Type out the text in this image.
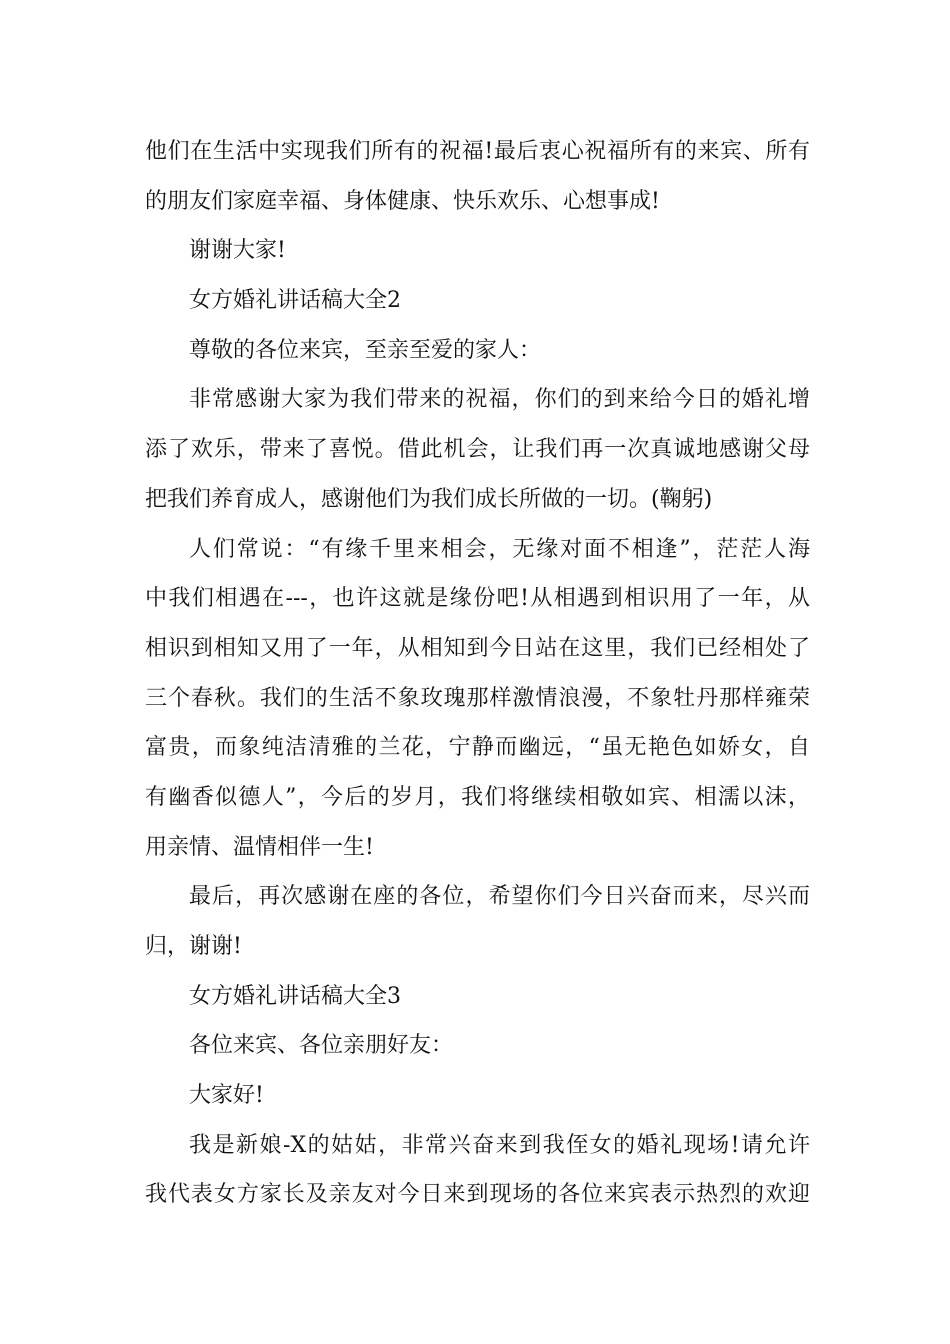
他们在生活中实现我们所有的祝福!最后衷心祝福所有的来宾、所有
的朋友们家庭幸福、身体健康、快乐欢乐、心想事成!
谢谢大家!
女方婚礼讲话稿大全2
尊敬的各位来宾，至亲至爱的家人：
非常感谢大家为我们带来的祝福，你们的到来给今日的婚礼增
添了欢乐，带来了喜悦。借此机会，让我们再一次真诚地感谢父母
把我们养育成人，感谢他们为我们成长所做的一切。(鞠躬)
人们常说：“有缘千里来相会，无缘对面不相逢”，茫茫人海
中我们相遇在---，也许这就是缘份吧!从相遇到相识用了一年，从
相识到相知又用了一年，从相知到今日站在这里，我们已经相处了
三个春秋。我们的生活不象玫瑰那样激情浪漫，不象牡丹那样雍荣
富贵，而象纯洁清雅的兰花，宁静而幽远，“虽无艳色如娇女，自
有幽香似德人”，今后的岁月，我们将继续相敬如宾、相濡以沫，
用亲情、温情相伴一生!
最后，再次感谢在座的各位，希望你们今日兴奋而来，尽兴而
归，谢谢!
女方婚礼讲话稿大全3
各位来宾、各位亲朋好友：
大家好!
我是新娘-X的姑姑，非常兴奋来到我侄女的婚礼现场!请允许
我代表女方家长及亲友对今日来到现场的各位来宾表示热烈的欢迎
